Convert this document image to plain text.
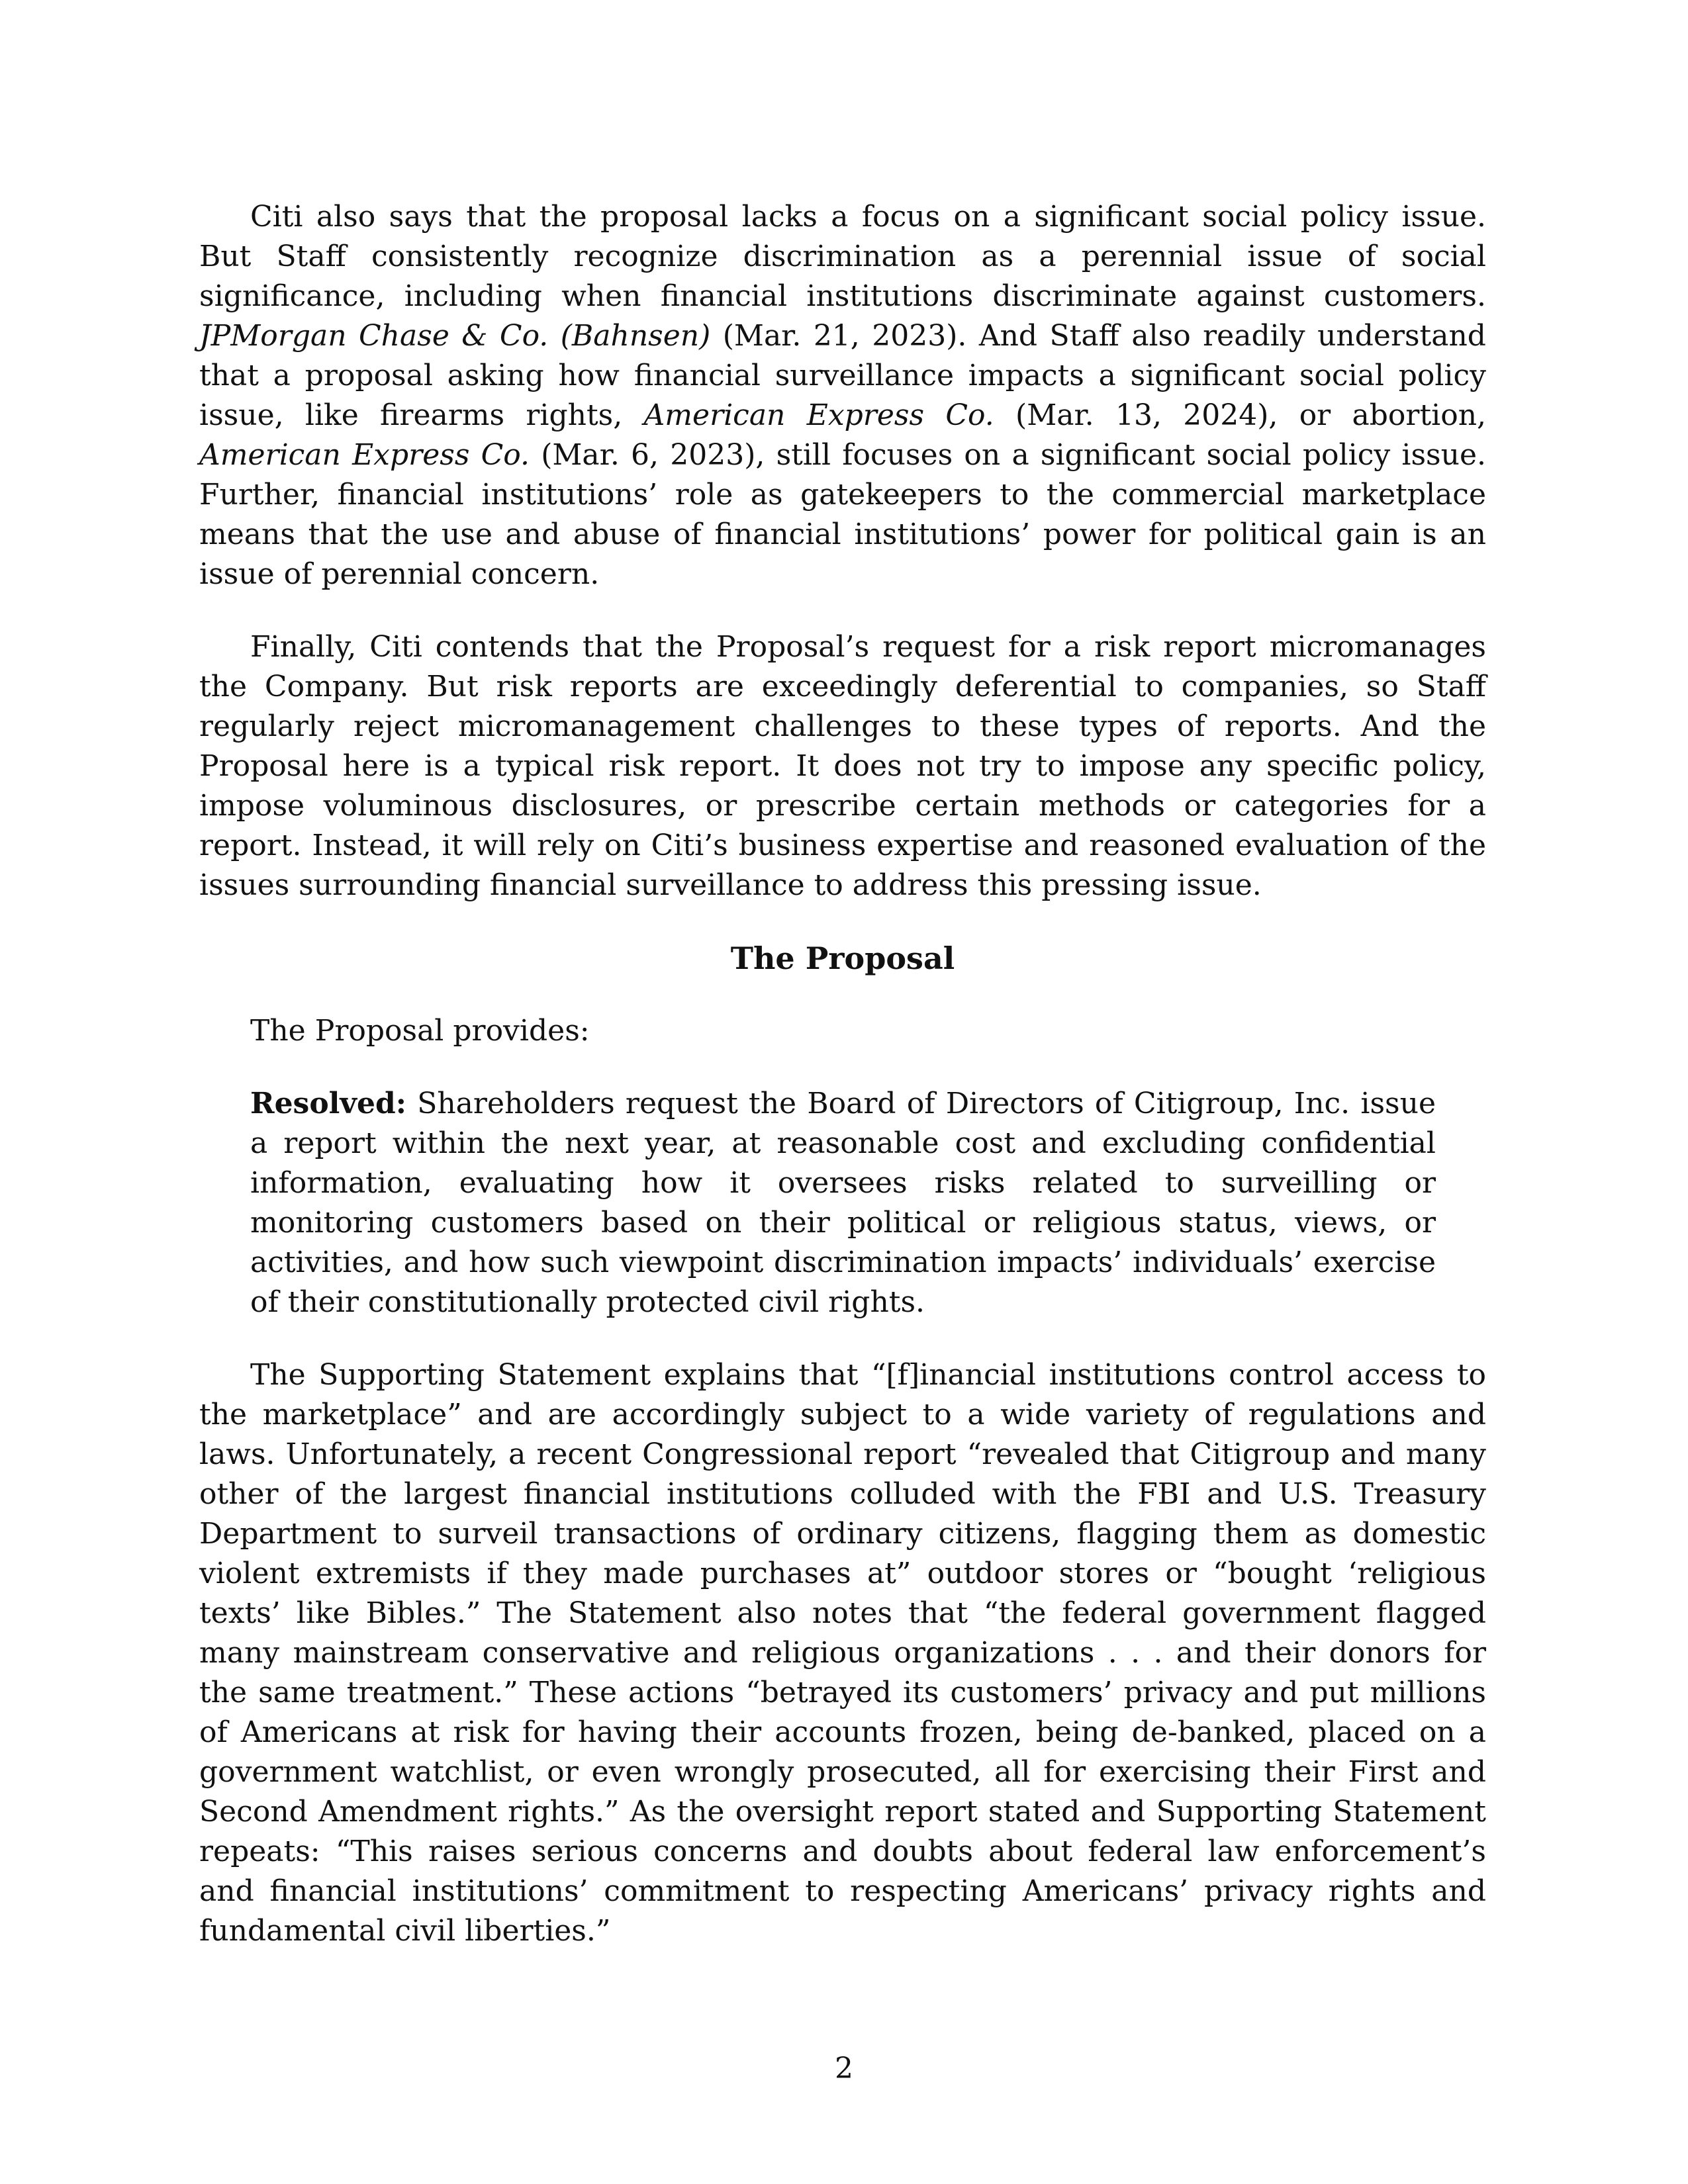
Citi also says that the proposal lacks a focus on a significant social policy issue. But Staff consistently recognize discrimination as a perennial issue of social significance, including when financial institutions discriminate against customers. JPMorgan Chase & Co. (Bahnsen) (Mar. 21, 2023). And Staff also readily understand that a proposal asking how financial surveillance impacts a significant social policy issue, like firearms rights, American Express Co. (Mar. 13, 2024), or abortion, American Express Co. (Mar. 6, 2023), still focuses on a significant social policy issue. Further, financial institutions’ role as gatekeepers to the commercial marketplace means that the use and abuse of financial institutions’ power for political gain is an issue of perennial concern.

Finally, Citi contends that the Proposal’s request for a risk report micromanages the Company. But risk reports are exceedingly deferential to companies, so Staff regularly reject micromanagement challenges to these types of reports. And the Proposal here is a typical risk report. It does not try to impose any specific policy, impose voluminous disclosures, or prescribe certain methods or categories for a report. Instead, it will rely on Citi’s business expertise and reasoned evaluation of the issues surrounding financial surveillance to address this pressing issue.

The Proposal

The Proposal provides:

Resolved: Shareholders request the Board of Directors of Citigroup, Inc. issue a report within the next year, at reasonable cost and excluding confidential information, evaluating how it oversees risks related to surveilling or monitoring customers based on their political or religious status, views, or activities, and how such viewpoint discrimination impacts’ individuals’ exercise of their constitutionally protected civil rights.

The Supporting Statement explains that “[f]inancial institutions control access to the marketplace” and are accordingly subject to a wide variety of regulations and laws. Unfortunately, a recent Congressional report “revealed that Citigroup and many other of the largest financial institutions colluded with the FBI and U.S. Treasury Department to surveil transactions of ordinary citizens, flagging them as domestic violent extremists if they made purchases at” outdoor stores or “bought ‘religious texts’ like Bibles.” The Statement also notes that “the federal government flagged many mainstream conservative and religious organizations . . . and their donors for the same treatment.” These actions “betrayed its customers’ privacy and put millions of Americans at risk for having their accounts frozen, being de-banked, placed on a government watchlist, or even wrongly prosecuted, all for exercising their First and Second Amendment rights.” As the oversight report stated and Supporting Statement repeats: “This raises serious concerns and doubts about federal law enforcement’s and financial institutions’ commitment to respecting Americans’ privacy rights and fundamental civil liberties.”

2
